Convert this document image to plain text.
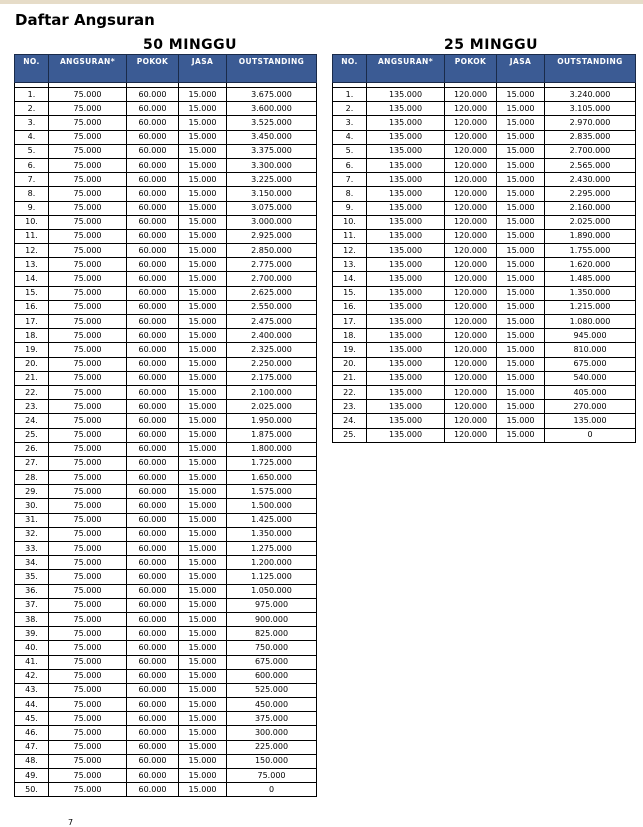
Daftar Angsuran
50 MINGGU
NO.	ANGSURAN*	POKOK	JASA	OUTSTANDING

1.	75.000	60.000	15.000	3.675.000
2.	75.000	60.000	15.000	3.600.000
3.	75.000	60.000	15.000	3.525.000
4.	75.000	60.000	15.000	3.450.000
5.	75.000	60.000	15.000	3.375.000
6.	75.000	60.000	15.000	3.300.000
7.	75.000	60.000	15.000	3.225.000
8.	75.000	60.000	15.000	3.150.000
9.	75.000	60.000	15.000	3.075.000
10.	75.000	60.000	15.000	3.000.000
11.	75.000	60.000	15.000	2.925.000
12.	75.000	60.000	15.000	2.850.000
13.	75.000	60.000	15.000	2.775.000
14.	75.000	60.000	15.000	2.700.000
15.	75.000	60.000	15.000	2.625.000
16.	75.000	60.000	15.000	2.550.000
17.	75.000	60.000	15.000	2.475.000
18.	75.000	60.000	15.000	2.400.000
19.	75.000	60.000	15.000	2.325.000
20.	75.000	60.000	15.000	2.250.000
21.	75.000	60.000	15.000	2.175.000
22.	75.000	60.000	15.000	2.100.000
23.	75.000	60.000	15.000	2.025.000
24.	75.000	60.000	15.000	1.950.000
25.	75.000	60.000	15.000	1.875.000
26.	75.000	60.000	15.000	1.800.000
27.	75.000	60.000	15.000	1.725.000
28.	75.000	60.000	15.000	1.650.000
29.	75.000	60.000	15.000	1.575.000
30.	75.000	60.000	15.000	1.500.000
31.	75.000	60.000	15.000	1.425.000
32.	75.000	60.000	15.000	1.350.000
33.	75.000	60.000	15.000	1.275.000
34.	75.000	60.000	15.000	1.200.000
35.	75.000	60.000	15.000	1.125.000
36.	75.000	60.000	15.000	1.050.000
37.	75.000	60.000	15.000	975.000
38.	75.000	60.000	15.000	900.000
39.	75.000	60.000	15.000	825.000
40.	75.000	60.000	15.000	750.000
41.	75.000	60.000	15.000	675.000
42.	75.000	60.000	15.000	600.000
43.	75.000	60.000	15.000	525.000
44.	75.000	60.000	15.000	450.000
45.	75.000	60.000	15.000	375.000
46.	75.000	60.000	15.000	300.000
47.	75.000	60.000	15.000	225.000
48.	75.000	60.000	15.000	150.000
49.	75.000	60.000	15.000	75.000
50.	75.000	60.000	15.000	0
25 MINGGU
NO.	ANGSURAN*	POKOK	JASA	OUTSTANDING

1.	135.000	120.000	15.000	3.240.000
2.	135.000	120.000	15.000	3.105.000
3.	135.000	120.000	15.000	2.970.000
4.	135.000	120.000	15.000	2.835.000
5.	135.000	120.000	15.000	2.700.000
6.	135.000	120.000	15.000	2.565.000
7.	135.000	120.000	15.000	2.430.000
8.	135.000	120.000	15.000	2.295.000
9.	135.000	120.000	15.000	2.160.000
10.	135.000	120.000	15.000	2.025.000
11.	135.000	120.000	15.000	1.890.000
12.	135.000	120.000	15.000	1.755.000
13.	135.000	120.000	15.000	1.620.000
14.	135.000	120.000	15.000	1.485.000
15.	135.000	120.000	15.000	1.350.000
16.	135.000	120.000	15.000	1.215.000
17.	135.000	120.000	15.000	1.080.000
18.	135.000	120.000	15.000	945.000
19.	135.000	120.000	15.000	810.000
20.	135.000	120.000	15.000	675.000
21.	135.000	120.000	15.000	540.000
22.	135.000	120.000	15.000	405.000
23.	135.000	120.000	15.000	270.000
24.	135.000	120.000	15.000	135.000
25.	135.000	120.000	15.000	0
7
